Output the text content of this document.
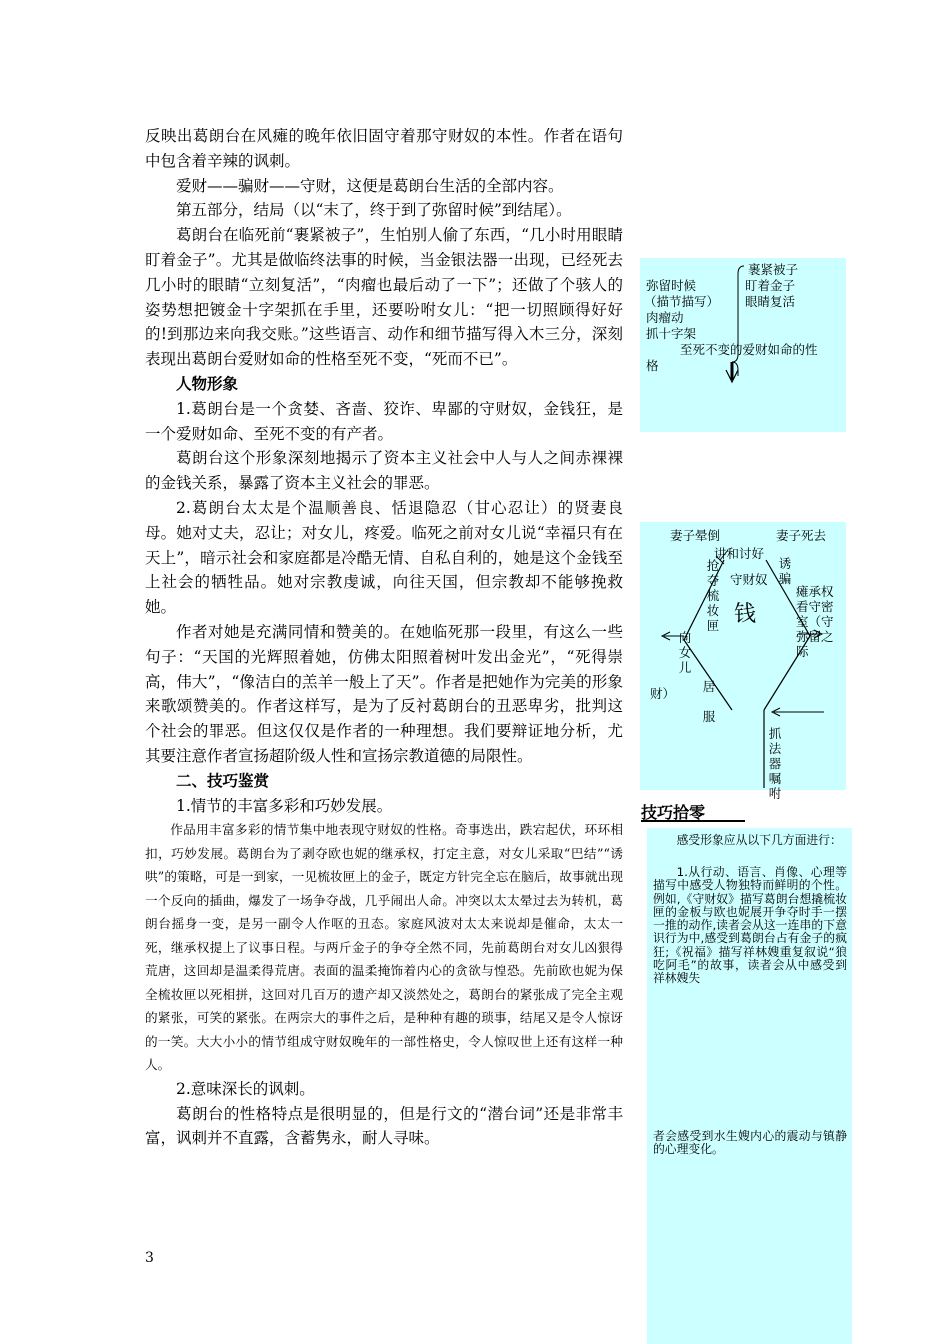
反映出葛朗台在风瘫的晚年依旧固守着那守财奴的本性。作者在语句中包含着辛辣的讽刺。

爱财——骗财——守财，这便是葛朗台生活的全部内容。

第五部分，结局（以“末了，终于到了弥留时候”到结尾）。

葛朗台在临死前“裹紧被子”，生怕别人偷了东西，“几小时用眼睛盯着金子”。尤其是做临终法事的时候，当金银法器一出现，已经死去几小时的眼睛“立刻复活”，“肉瘤也最后动了一下”；还做了个骇人的姿势想把镀金十字架抓在手里，还要吩咐女儿：“把一切照顾得好好的!到那边来向我交账。”这些语言、动作和细节描写得入木三分，深刻表现出葛朗台爱财如命的性格至死不变，“死而不已”。

人物形象

1.葛朗台是一个贪婪、吝啬、狡诈、卑鄙的守财奴，金钱狂，是一个爱财如命、至死不变的有产者。

葛朗台这个形象深刻地揭示了资本主义社会中人与人之间赤裸裸的金钱关系，暴露了资本主义社会的罪恶。

2.葛朗台太太是个温顺善良、恬退隐忍（甘心忍让）的贤妻良母。她对丈夫，忍让；对女儿，疼爱。临死之前对女儿说“幸福只有在天上”，暗示社会和家庭都是冷酷无情、自私自利的，她是这个金钱至上社会的牺牲品。她对宗教虔诚，向往天国，但宗教却不能够挽救她。

作者对她是充满同情和赞美的。在她临死那一段里，有这么一些句子：“天国的光辉照着她，仿佛太阳照着树叶发出金光”，“死得崇高，伟大”，“像洁白的羔羊一般上了天”。作者是把她作为完美的形象来歌颂赞美的。作者这样写，是为了反衬葛朗台的丑恶卑劣，批判这个社会的罪恶。但这仅仅是作者的一种理想。我们要辩证地分析，尤其要注意作者宣扬超阶级人性和宣扬宗教道德的局限性。

二、技巧鉴赏

1.情节的丰富多彩和巧妙发展。

作品用丰富多彩的情节集中地表现守财奴的性格。奇事迭出，跌宕起伏，环环相扣，巧妙发展。葛朗台为了剥夺欧也妮的继承权，打定主意，对女儿采取“巴结”“诱哄”的策略，可是一到家，一见梳妆匣上的金子，既定方针完全忘在脑后，故事就出现一个反向的插曲，爆发了一场争夺战，几乎闹出人命。冲突以太太晕过去为转机，葛朗台摇身一变，是另一副令人作呕的丑态。家庭风波对太太来说却是催命，太太一死，继承权提上了议事日程。与两斤金子的争夺全然不同，先前葛朗台对女儿凶狠得荒唐，这回却是温柔得荒唐。表面的温柔掩饰着内心的贪欲与惶恐。先前欧也妮为保全梳妆匣以死相拼，这回对几百万的遗产却又淡然处之，葛朗台的紧张成了完全主观的紧张，可笑的紧张。在两宗大的事件之后，是种种有趣的琐事，结尾又是令人惊讶的一笑。大大小小的情节组成守财奴晚年的一部性格史，令人惊叹世上还有这样一种人。

2.意味深长的讽刺。

葛朗台的性格特点是很明显的，但是行文的“潜台词”还是非常丰富，讽刺并不直露，含蓄隽永，耐人寻味。

3
裹紧被子
盯着金子
眼睛复活
弥留时候
（描节描写）
肉瘤动
抓十字架
至死不变的爱财如命的性
格
妻子晕倒	妻子死去
讲和讨好
抢夺梳妆匣
向女儿
财） 居服
守财奴
钱
诱骗
瘫承权看守密室（守弥留之际
抓法器嘱咐
技巧拾零
感受形象应从以下几方面进行：
1.从行动、语言、肖像、心理等描写中感受人物独特而鲜明的个性。例如,《守财奴》描写葛朗台想撬梳妆匣的金板与欧也妮展开争夺时手一摆一推的动作,读者会从这一连串的下意识行为中,感受到葛朗台占有金子的疯狂;《祝福》描写祥林嫂重复叙说“狼吃阿毛”的故事，读者会从中感受到祥林嫂失
者会感受到水生嫂内心的震动与镇静的心理变化。
